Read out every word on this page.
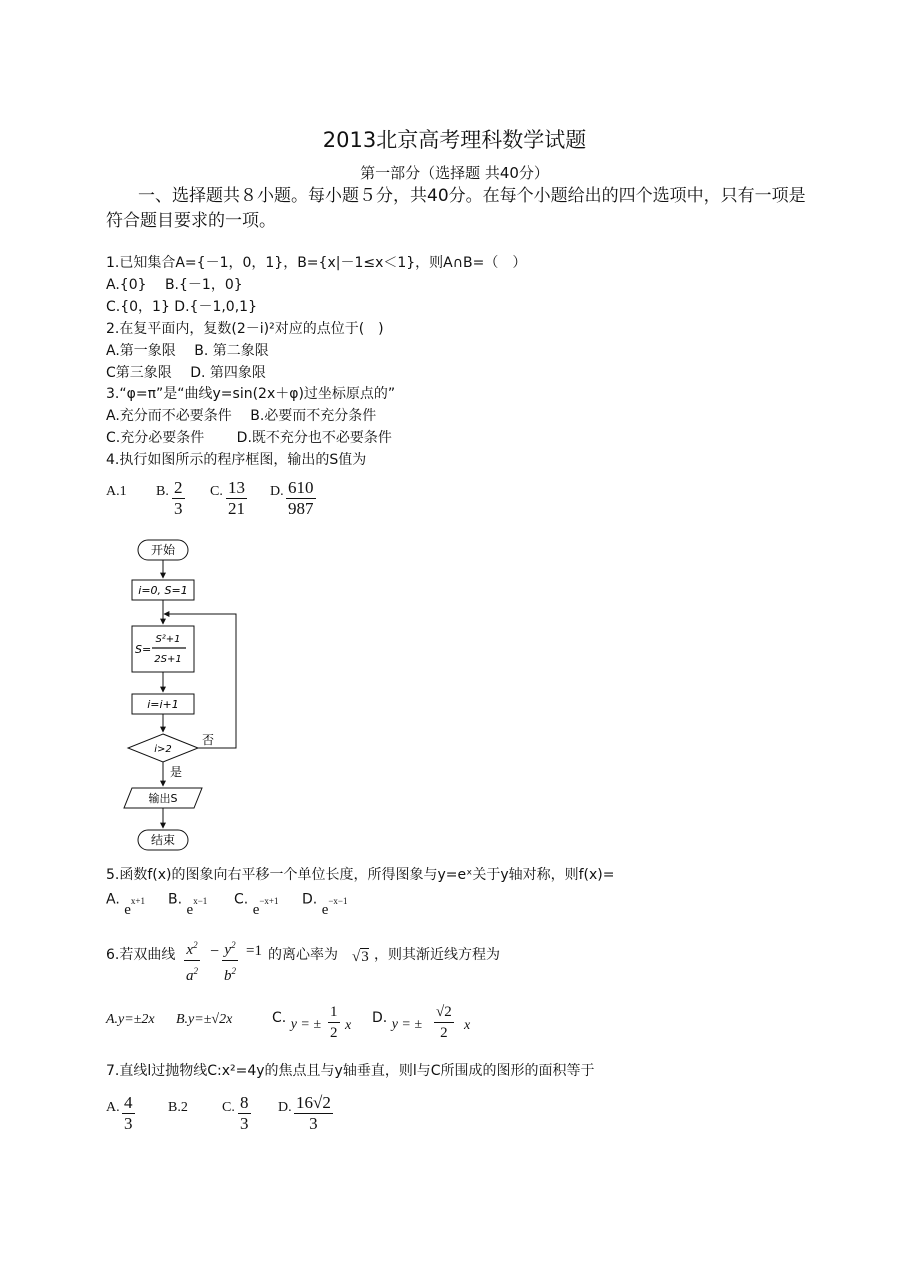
2013北京高考理科数学试题
第一部分（选择题 共40分）
一、选择题共８小题。每小题５分，共40分。在每个小题给出的四个选项中，只有一项是符合题目要求的一项。
1.已知集合A={－1，0，1}，B={x|－1≤x＜1}，则A∩B=（　）
A.{0}　 B.{－1，0}
C.{0，1} D.{－1,0,1}
2.在复平面内，复数(2－i)²对应的点位于(　)
A.第一象限　 B. 第二象限
C第三象限　 D. 第四象限
3.“φ=π”是“曲线y=sin(2x＋φ)过坐标原点的”
A.充分而不必要条件　 B.必要而不充分条件
C.充分必要条件　　 D.既不充分也不必要条件
4.执行如图所示的程序框图，输出的S值为
A.1 B. $\frac{2}{3} C$. $\frac{13}{21} D$. $\frac{610}{987}$
开始
i=0, S=1
S=
S²+1
2S+1
i=i+1
i>2
否
是
输出S
结束
5.函数f(x)的图象向右平移一个单位长度，所得图象与y=eˣ关于y轴对称，则f(x)=
A. $e^{x+1}$ B. $e^{x-1}$ C. $e^{-x+1}$ D. $e^{-x-1}$
6.若双曲线 $\frac{x^2}{a^2} - \frac{y^2}{b^2} =1$ 的离心率为 √3 ，则其渐近线方程为
A.y=±2x B.y=±√2x	C. y = ± $\frac{1}{2}$ x D. y = ± $\frac{√2}{2}$ x
7.直线l过抛物线C:x²=4y的焦点且与y轴垂直，则l与C所围成的图形的面积等于
A. $\frac{4}{3} B.2$ C. $\frac{8}{3} D$. $\frac{16√2}{3}$
